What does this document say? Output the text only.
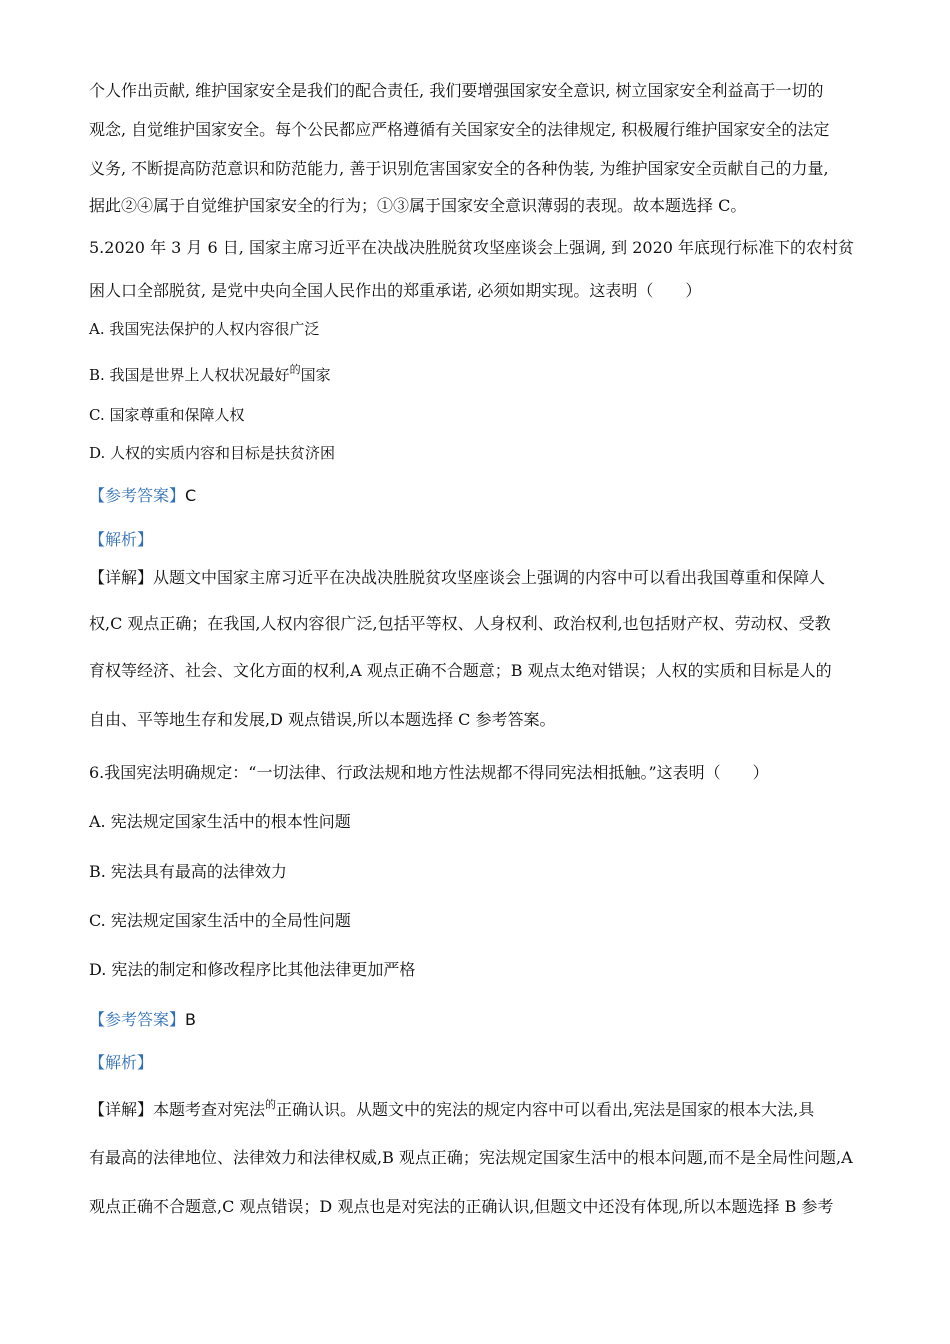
个人作出贡献, 维护国家安全是我们的配合责任, 我们要增强国家安全意识, 树立国家安全利益高于一切的
观念, 自觉维护国家安全。每个公民都应严格遵循有关国家安全的法律规定, 积极履行维护国家安全的法定
义务, 不断提高防范意识和防范能力, 善于识别危害国家安全的各种伪装, 为维护国家安全贡献自己的力量,
据此②④属于自觉维护国家安全的行为；①③属于国家安全意识薄弱的表现。故本题选择 C。
5.2020 年 3 月 6 日, 国家主席习近平在决战决胜脱贫攻坚座谈会上强调, 到 2020 年底现行标准下的农村贫
困人口全部脱贫, 是党中央向全国人民作出的郑重承诺, 必须如期实现。这表明（　　）
A. 我国宪法保护的人权内容很广泛
B. 我国是世界上人权状况最好$^的$国家
C. 国家尊重和保障人权
D. 人权的实质内容和目标是扶贫济困
【参考答案】C
【解析】
【详解】从题文中国家主席习近平在决战决胜脱贫攻坚座谈会上强调的内容中可以看出我国尊重和保障人
权,C 观点正确；在我国,人权内容很广泛,包括平等权、人身权利、政治权利,也包括财产权、劳动权、受教
育权等经济、社会、文化方面的权利,A 观点正确不合题意；B 观点太绝对错误；人权的实质和目标是人的
自由、平等地生存和发展,D 观点错误,所以本题选择 C 参考答案。
6.我国宪法明确规定：“一切法律、行政法规和地方性法规都不得同宪法相抵触。”这表明（　　）
A. 宪法规定国家生活中的根本性问题
B. 宪法具有最高的法律效力
C. 宪法规定国家生活中的全局性问题
D. 宪法的制定和修改程序比其他法律更加严格
【参考答案】B
【解析】
【详解】本题考查对宪法$^的$正确认识。从题文中的宪法的规定内容中可以看出,宪法是国家的根本大法,具
有最高的法律地位、法律效力和法律权威,B 观点正确；宪法规定国家生活中的根本问题,而不是全局性问题,A
观点正确不合题意,C 观点错误；D 观点也是对宪法的正确认识,但题文中还没有体现,所以本题选择 B 参考
